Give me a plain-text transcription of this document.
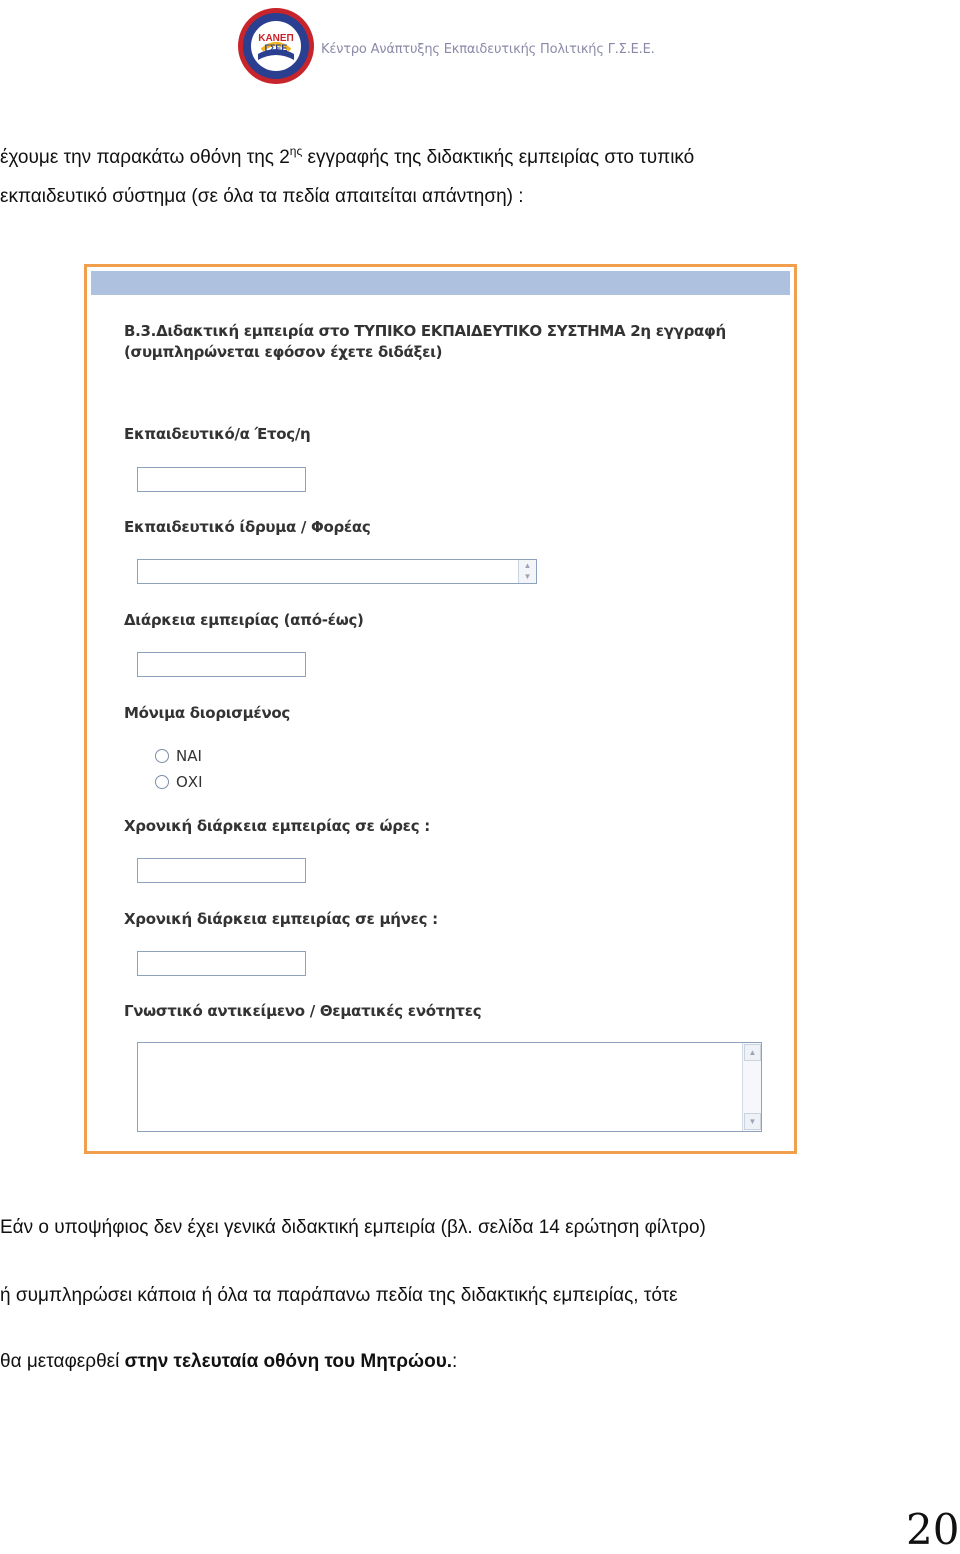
ΚΑΝΕΠ
ΓΣΕΕ	Κέντρο Ανάπτυξης Εκπαιδευτικής Πολιτικής Γ.Σ.Ε.Ε.
έχουμε την παρακάτω οθόνη της $2^{\eta\varsigma}$ εγγραφής της διδακτικής εμπειρίας στο τυπικό
εκπαιδευτικό σύστημα (σε όλα τα πεδία απαιτείται απάντηση) :
Β.3.Διδακτική εμπειρία στο ΤΥΠΙΚΟ ΕΚΠΑΙΔΕΥΤΙΚΟ ΣΥΣΤΗΜΑ 2η εγγραφή
(συμπληρώνεται εφόσον έχετε διδάξει)
Εκπαιδευτικό/α Έτος/η
Εκπαιδευτικό ίδρυμα / Φορέας
▲
▼
Διάρκεια εμπειρίας (από-έως)
Μόνιμα διορισμένος
ΝΑΙ
ΟΧΙ
Χρονική διάρκεια εμπειρίας σε ώρες :
Χρονική διάρκεια εμπειρίας σε μήνες :
Γνωστικό αντικείμενο / Θεματικές ενότητες
▲
▼
Εάν ο υποψήφιος δεν έχει γενικά διδακτική εμπειρία (βλ. σελίδα 14 ερώτηση φίλτρο)
ή συμπληρώσει κάποια ή όλα τα παράπανω πεδία της διδακτικής εμπειρίας, τότε
θα μεταφερθεί στην τελευταία οθόνη του Μητρώου.:
20
